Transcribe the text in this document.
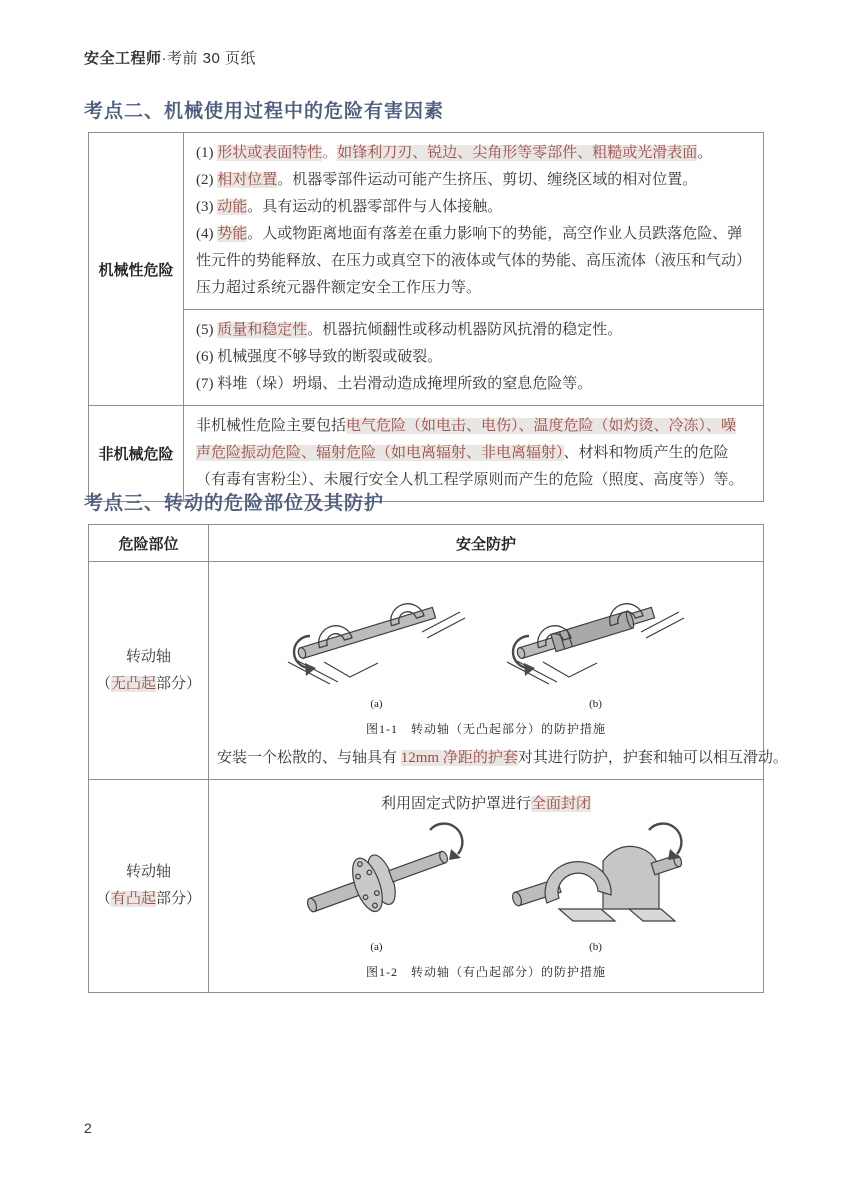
安全工程师·考前 30 页纸
考点二、机械使用过程中的危险有害因素
机械性危险	(1) 形状或表面特性。如锋利刀刃、锐边、尖角形等零部件、粗糙或光滑表面。

(2) 相对位置。机器零部件运动可能产生挤压、剪切、缠绕区域的相对位置。

(3) 动能。具有运动的机器零部件与人体接触。

(4) 势能。人或物距离地面有落差在重力影响下的势能，高空作业人员跌落危险、弹性元件的势能释放、在压力或真空下的液体或气体的势能、高压流体（液压和气动）压力超过系统元器件额定安全工作压力等。

	(5) 质量和稳定性。机器抗倾翻性或移动机器防风抗滑的稳定性。

(6) 机械强度不够导致的断裂或破裂。

(7) 料堆（垛）坍塌、土岩滑动造成掩埋所致的窒息危险等。

非机械危险	非机械性危险主要包括电气危险（如电击、电伤）、温度危险（如灼烫、冷冻）、噪声危险振动危险、辐射危险（如电离辐射、非电离辐射）、材料和物质产生的危险（有毒有害粉尘）、未履行安全人机工程学原则而产生的危险（照度、高度等）等。

考点三、转动的危险部位及其防护
危险部位	安全防护

转动轴
（无凸起部分）

(a)	(b)
图1-1　转动轴（无凸起部分）的防护措施
安装一个松散的、与轴具有 12mm 净距的护套对其进行防护，护套和轴可以相互滑动。

转动轴
（有凸起部分）

利用固定式防护罩进行全面封闭
(a)	(b)
图1-2　转动轴（有凸起部分）的防护措施
2
